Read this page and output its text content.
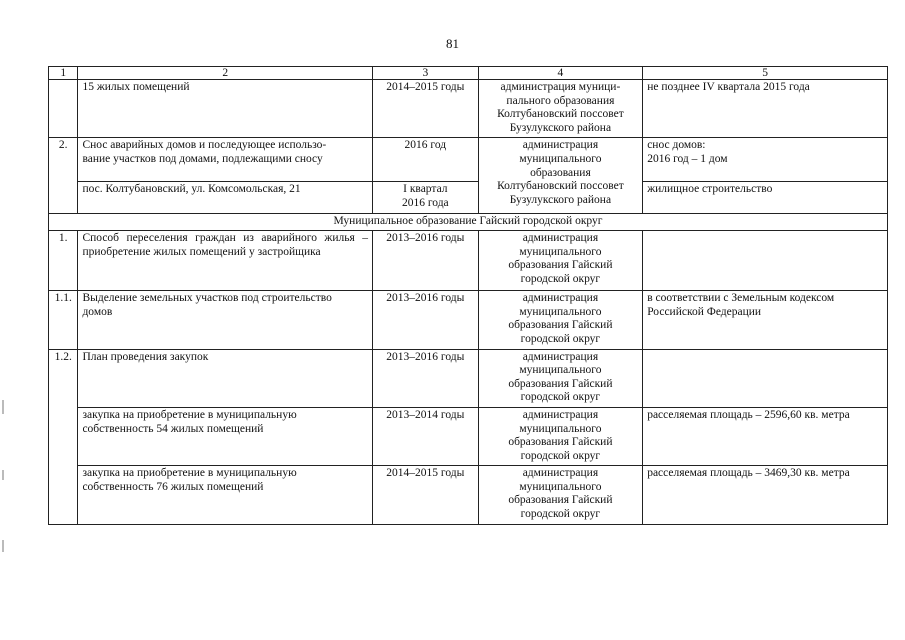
81
1	2	3	4	5
	15 жилых помещений	2014–2015 годы	администрация муници-
пального образования
Колтубановский поссовет
Бузулукского района	не позднее IV квартала 2015 года
2.	Снос аварийных домов и последующее использо-
вание участков под домами, подлежащими сносу	2016 год	администрация
муниципального
образования
Колтубановский поссовет
Бузулукского района	снос домов:
2016 год – 1 дом
	пос. Колтубановский, ул. Комсомольская, 21	I квартал
2016 года		жилищное строительство
Муниципальное образование Гайский городской округ				
1.	Способ переселения граждан из аварийного жилья – приобретение жилых помещений у застройщика	2013–2016 годы	администрация
муниципального
образования Гайский
городской округ	
1.1.	Выделение земельных участков под строительство
домов	2013–2016 годы	администрация
муниципального
образования Гайский
городской округ	в соответствии с Земельным кодексом
Российской Федерации
1.2.	План проведения закупок	2013–2016 годы	администрация
муниципального
образования Гайский
городской округ	
	закупка на приобретение в муниципальную
собственность 54 жилых помещений	2013–2014 годы	администрация
муниципального
образования Гайский
городской округ	расселяемая площадь – 2596,60 кв. метра
	закупка на приобретение в муниципальную
собственность 76 жилых помещений	2014–2015 годы	администрация
муниципального
образования Гайский
городской округ	расселяемая площадь – 3469,30 кв. метра
